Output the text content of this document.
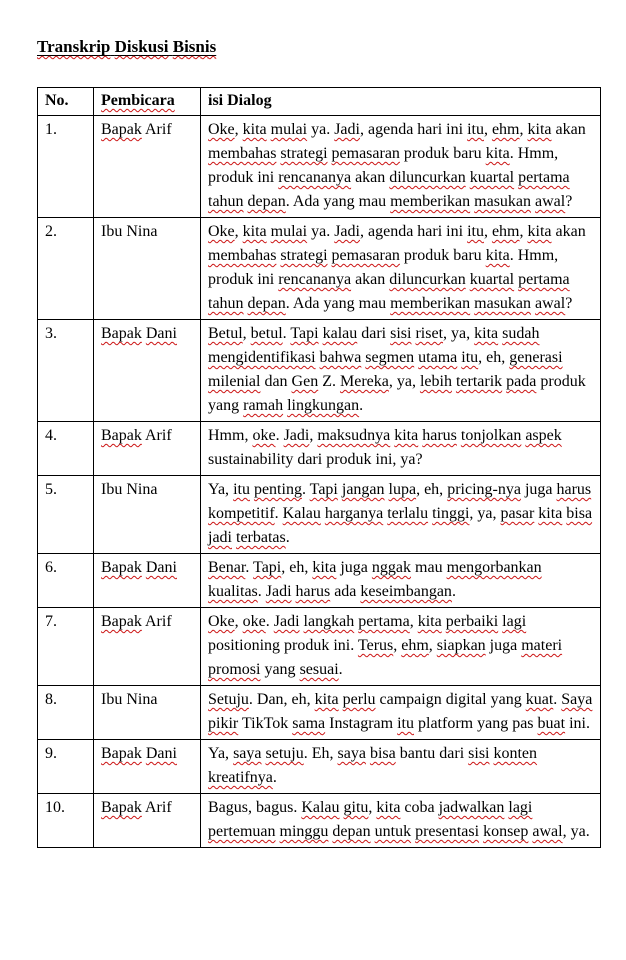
Transkrip Diskusi Bisnis
No.	Pembicara	isi Dialog
1.	Bapak Arif	Oke, kita mulai ya. Jadi, agenda hari ini itu, ehm, kita akan membahas strategi pemasaran produk baru kita. Hmm, produk ini rencananya akan diluncurkan kuartal pertama tahun depan. Ada yang mau memberikan masukan awal?
2.	Ibu Nina	Oke, kita mulai ya. Jadi, agenda hari ini itu, ehm, kita akan membahas strategi pemasaran produk baru kita. Hmm, produk ini rencananya akan diluncurkan kuartal pertama tahun depan. Ada yang mau memberikan masukan awal?
3.	Bapak Dani	Betul, betul. Tapi kalau dari sisi riset, ya, kita sudah mengidentifikasi bahwa segmen utama itu, eh, generasi milenial dan Gen Z. Mereka, ya, lebih tertarik pada produk yang ramah lingkungan.
4.	Bapak Arif	Hmm, oke. Jadi, maksudnya kita harus tonjolkan aspek sustainability dari produk ini, ya?
5.	Ibu Nina	Ya, itu penting. Tapi jangan lupa, eh, pricing-nya juga harus kompetitif. Kalau harganya terlalu tinggi, ya, pasar kita bisa jadi terbatas.
6.	Bapak Dani	Benar. Tapi, eh, kita juga nggak mau mengorbankan kualitas. Jadi harus ada keseimbangan.
7.	Bapak Arif	Oke, oke. Jadi langkah pertama, kita perbaiki lagi positioning produk ini. Terus, ehm, siapkan juga materi promosi yang sesuai.
8.	Ibu Nina	Setuju. Dan, eh, kita perlu campaign digital yang kuat. Saya pikir TikTok sama Instagram itu platform yang pas buat ini.
9.	Bapak Dani	Ya, saya setuju. Eh, saya bisa bantu dari sisi konten kreatifnya.
10.	Bapak Arif	Bagus, bagus. Kalau gitu, kita coba jadwalkan lagi pertemuan minggu depan untuk presentasi konsep awal, ya.
